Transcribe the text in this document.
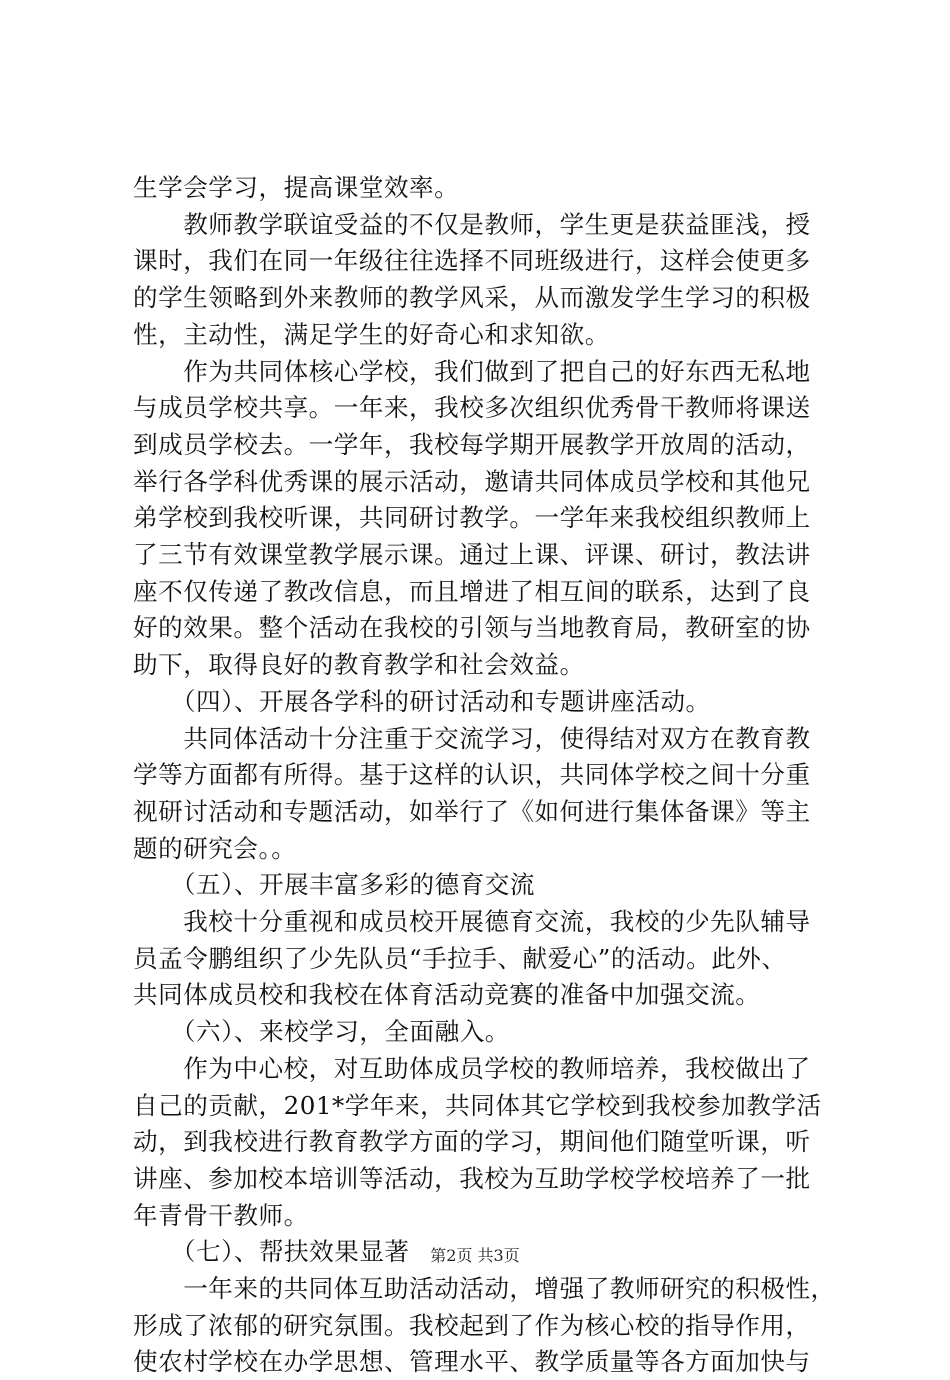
生学会学习，提高课堂效率。
　　教师教学联谊受益的不仅是教师，学生更是获益匪浅，授
课时，我们在同一年级往往选择不同班级进行，这样会使更多
的学生领略到外来教师的教学风采，从而激发学生学习的积极
性，主动性，满足学生的好奇心和求知欲。
　　作为共同体核心学校，我们做到了把自己的好东西无私地
与成员学校共享。一年来，我校多次组织优秀骨干教师将课送
到成员学校去。一学年，我校每学期开展教学开放周的活动，
举行各学科优秀课的展示活动，邀请共同体成员学校和其他兄
弟学校到我校听课，共同研讨教学。一学年来我校组织教师上
了三节有效课堂教学展示课。通过上课、评课、研讨，教法讲
座不仅传递了教改信息，而且增进了相互间的联系，达到了良
好的效果。整个活动在我校的引领与当地教育局，教研室的协
助下，取得良好的教育教学和社会效益。
　　（四）、开展各学科的研讨活动和专题讲座活动。
　　共同体活动十分注重于交流学习，使得结对双方在教育教
学等方面都有所得。基于这样的认识，共同体学校之间十分重
视研讨活动和专题活动，如举行了《如何进行集体备课》等主
题的研究会。。
　　（五）、开展丰富多彩的德育交流
　　我校十分重视和成员校开展德育交流，我校的少先队辅导
员孟令鹏组织了少先队员“手拉手、献爱心”的活动。此外、
共同体成员校和我校在体育活动竞赛的准备中加强交流。
　　（六）、来校学习，全面融入。
　　作为中心校，对互助体成员学校的教师培养，我校做出了
自己的贡献，201*学年来，共同体其它学校到我校参加教学活
动，到我校进行教育教学方面的学习，期间他们随堂听课，听
讲座、参加校本培训等活动，我校为互助学校学校培养了一批
年青骨干教师。
　　（七）、帮扶效果显著
　　一年来的共同体互助活动活动，增强了教师研究的积极性，
形成了浓郁的研究氛围。我校起到了作为核心校的指导作用，
使农村学校在办学思想、管理水平、教学质量等各方面加快与
第2页 共3页
